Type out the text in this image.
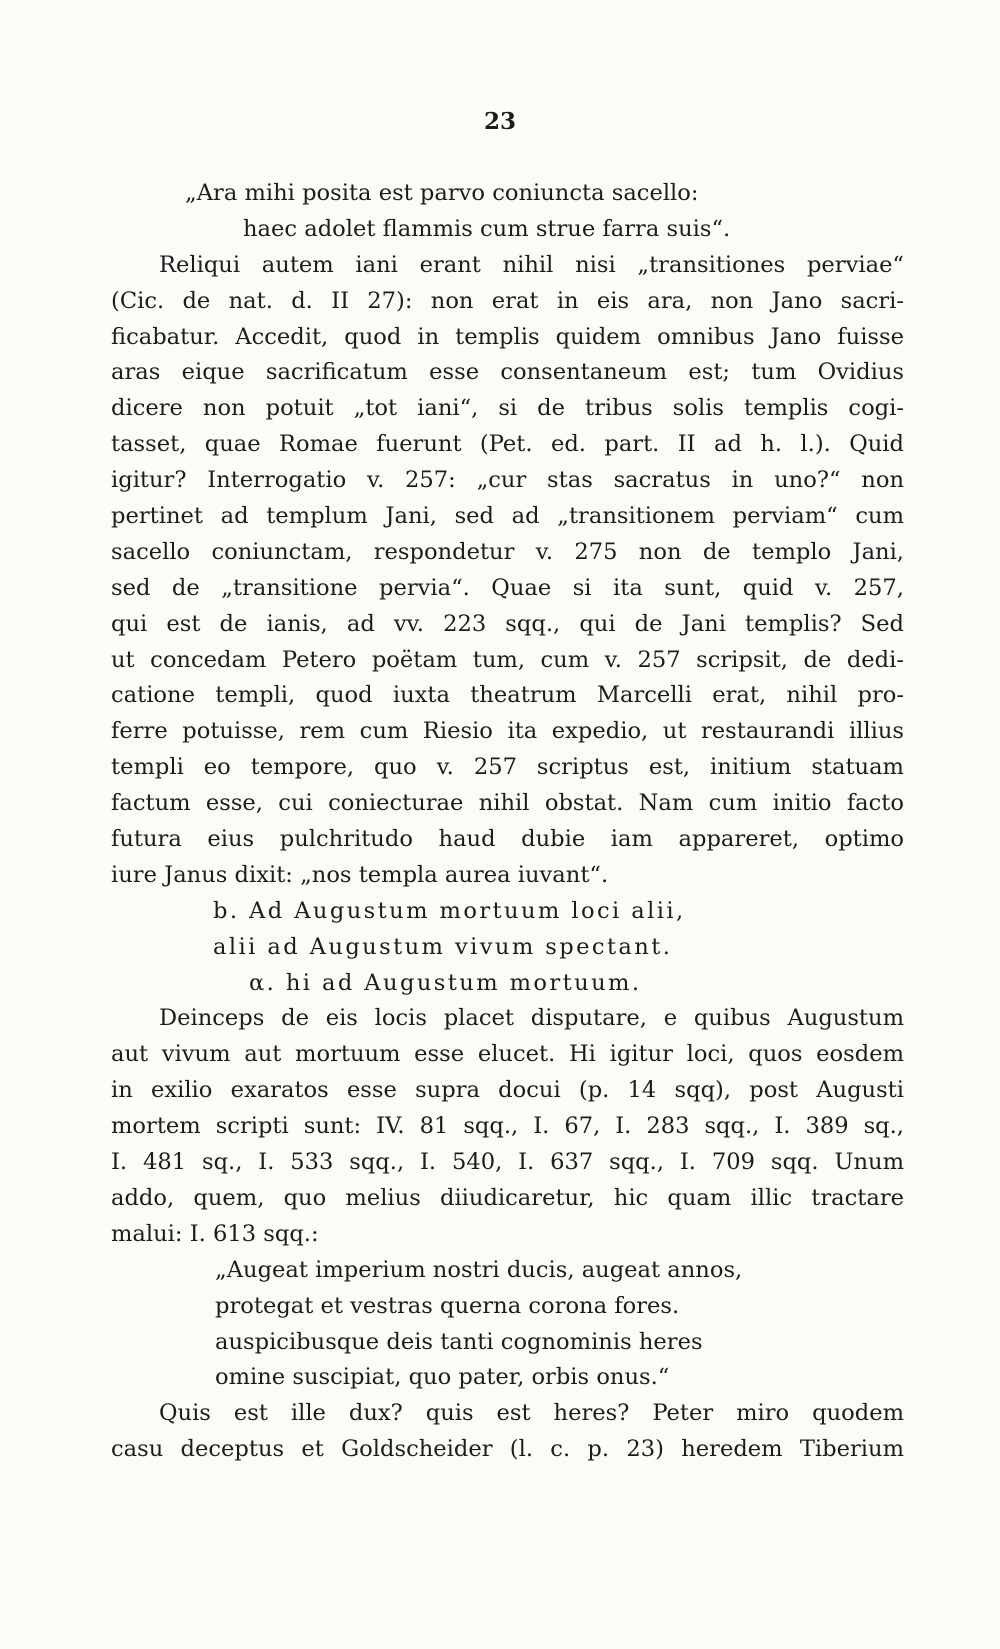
23
„Ara mihi posita est parvo coniuncta sacello:
haec adolet flammis cum strue farra suis“.
Reliqui autem iani erant nihil nisi „transitiones perviae“
(Cic. de nat. d. II 27): non erat in eis ara, non Jano sacri-
ficabatur. Accedit, quod in templis quidem omnibus Jano fuisse
aras eique sacrificatum esse consentaneum est; tum Ovidius
dicere non potuit „tot iani“, si de tribus solis templis cogi-
tasset, quae Romae fuerunt (Pet. ed. part. II ad h. l.). Quid
igitur? Interrogatio v. 257: „cur stas sacratus in uno?“ non
pertinet ad templum Jani, sed ad „transitionem perviam“ cum
sacello coniunctam, respondetur v. 275 non de templo Jani,
sed de „transitione pervia“. Quae si ita sunt, quid v. 257,
qui est de ianis, ad vv. 223 sqq., qui de Jani templis? Sed
ut concedam Petero poëtam tum, cum v. 257 scripsit, de dedi-
catione templi, quod iuxta theatrum Marcelli erat, nihil pro-
ferre potuisse, rem cum Riesio ita expedio, ut restaurandi illius
templi eo tempore, quo v. 257 scriptus est, initium statuam
factum esse, cui coniecturae nihil obstat. Nam cum initio facto
futura eius pulchritudo haud dubie iam appareret, optimo
iure Janus dixit: „nos templa aurea iuvant“.
b. Ad Augustum mortuum loci alii,
alii ad Augustum vivum spectant.
α. hi ad Augustum mortuum.
Deinceps de eis locis placet disputare, e quibus Augustum
aut vivum aut mortuum esse elucet. Hi igitur loci, quos eosdem
in exilio exaratos esse supra docui (p. 14 sqq), post Augusti
mortem scripti sunt: IV. 81 sqq., I. 67, I. 283 sqq., I. 389 sq.,
I. 481 sq., I. 533 sqq., I. 540, I. 637 sqq., I. 709 sqq. Unum
addo, quem, quo melius diiudicaretur, hic quam illic tractare
malui: I. 613 sqq.:
„Augeat imperium nostri ducis, augeat annos,
protegat et vestras querna corona fores.
auspicibusque deis tanti cognominis heres
omine suscipiat, quo pater, orbis onus.“
Quis est ille dux? quis est heres? Peter miro quodem
casu deceptus et Goldscheider (l. c. p. 23) heredem Tiberium
